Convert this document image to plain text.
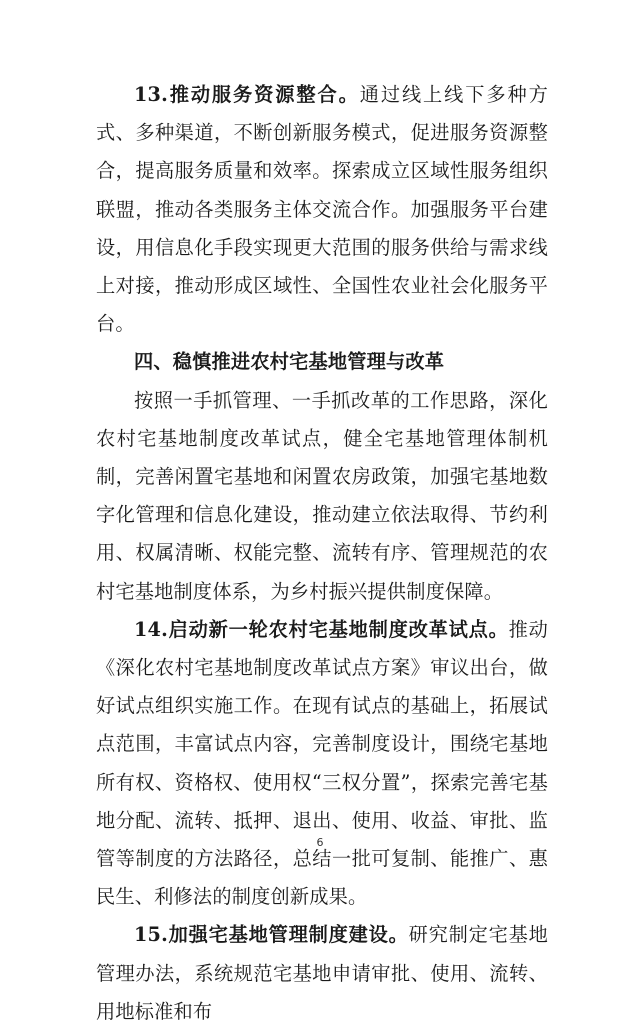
13.推动服务资源整合。通过线上线下多种方式、多种渠道，不断创新服务模式，促进服务资源整合，提高服务质量和效率。探索成立区域性服务组织联盟，推动各类服务主体交流合作。加强服务平台建设，用信息化手段实现更大范围的服务供给与需求线上对接，推动形成区域性、全国性农业社会化服务平台。

四、稳慎推进农村宅基地管理与改革

按照一手抓管理、一手抓改革的工作思路，深化农村宅基地制度改革试点，健全宅基地管理体制机制，完善闲置宅基地和闲置农房政策，加强宅基地数字化管理和信息化建设，推动建立依法取得、节约利用、权属清晰、权能完整、流转有序、管理规范的农村宅基地制度体系，为乡村振兴提供制度保障。

14.启动新一轮农村宅基地制度改革试点。推动《深化农村宅基地制度改革试点方案》审议出台，做好试点组织实施工作。在现有试点的基础上，拓展试点范围，丰富试点内容，完善制度设计，围绕宅基地所有权、资格权、使用权“三权分置”，探索完善宅基地分配、流转、抵押、退出、使用、收益、审批、监管等制度的方法路径，总结一批可复制、能推广、惠民生、利修法的制度创新成果。

15.加强宅基地管理制度建设。研究制定宅基地管理办法，系统规范宅基地申请审批、使用、流转、用地标准和布

6
